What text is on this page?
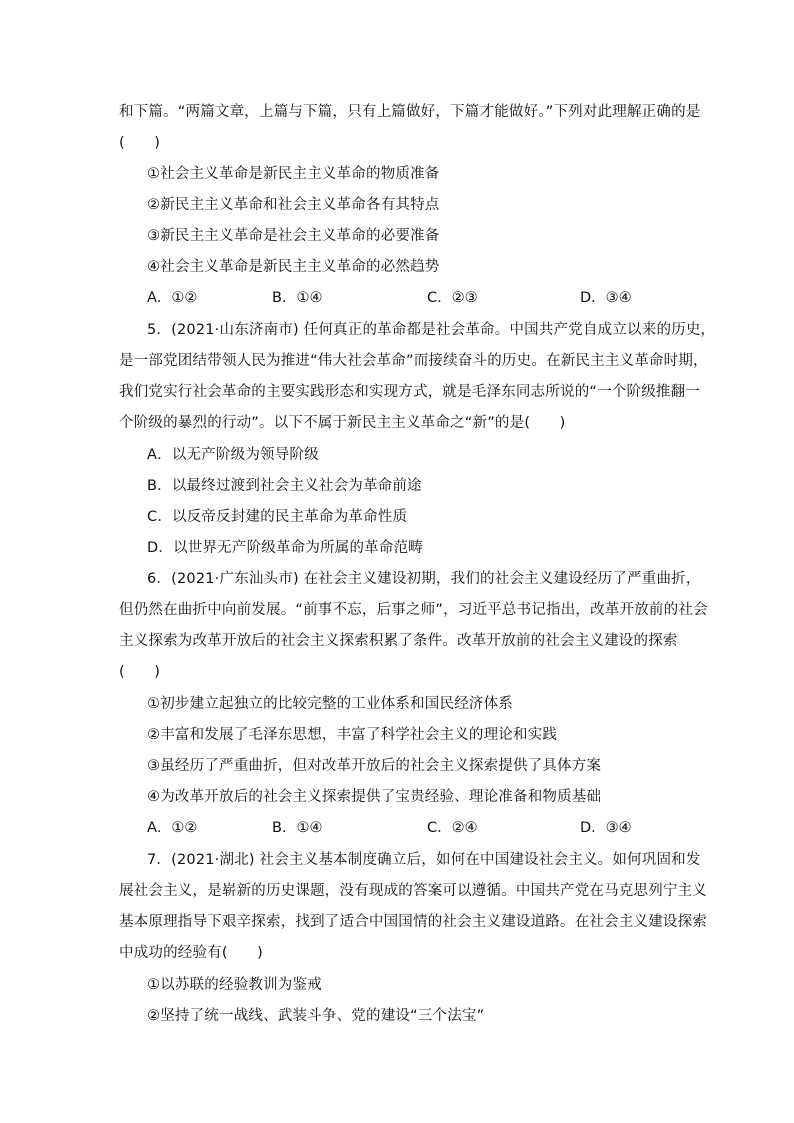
和下篇。“两篇文章，上篇与下篇，只有上篇做好，下篇才能做好。”下列对此理解正确的是
(　　)
①社会主义革命是新民主主义革命的物质准备
②新民主主义革命和社会主义革命各有其特点
③新民主主义革命是社会主义革命的必要准备
④社会主义革命是新民主主义革命的必然趋势
A．①②	B．①④	C．②③	D．③④
5．(2021·山东济南市) 任何真正的革命都是社会革命。中国共产党自成立以来的历史，
是一部党团结带领人民为推进“伟大社会革命”而接续奋斗的历史。在新民主主义革命时期，
我们党实行社会革命的主要实践形态和实现方式，就是毛泽东同志所说的“一个阶级推翻一
个阶级的暴烈的行动”。以下不属于新民主主义革命之“新”的是(　　)
A．以无产阶级为领导阶级
B．以最终过渡到社会主义社会为革命前途
C．以反帝反封建的民主革命为革命性质
D．以世界无产阶级革命为所属的革命范畴
6．(2021·广东汕头市) 在社会主义建设初期，我们的社会主义建设经历了严重曲折，
但仍然在曲折中向前发展。“前事不忘，后事之师”，习近平总书记指出，改革开放前的社会
主义探索为改革开放后的社会主义探索积累了条件。改革开放前的社会主义建设的探索
(　　)
①初步建立起独立的比较完整的工业体系和国民经济体系
②丰富和发展了毛泽东思想，丰富了科学社会主义的理论和实践
③虽经历了严重曲折，但对改革开放后的社会主义探索提供了具体方案
④为改革开放后的社会主义探索提供了宝贵经验、理论准备和物质基础
A．①②	B．①④	C．②④	D．③④
7．(2021·湖北) 社会主义基本制度确立后，如何在中国建设社会主义。如何巩固和发
展社会主义，是崭新的历史课题，没有现成的答案可以遵循。中国共产党在马克思列宁主义
基本原理指导下艰辛探索，找到了适合中国国情的社会主义建设道路。在社会主义建设探索
中成功的经验有(　　)
①以苏联的经验教训为鉴戒
②坚持了统一战线、武装斗争、党的建设“三个法宝”
